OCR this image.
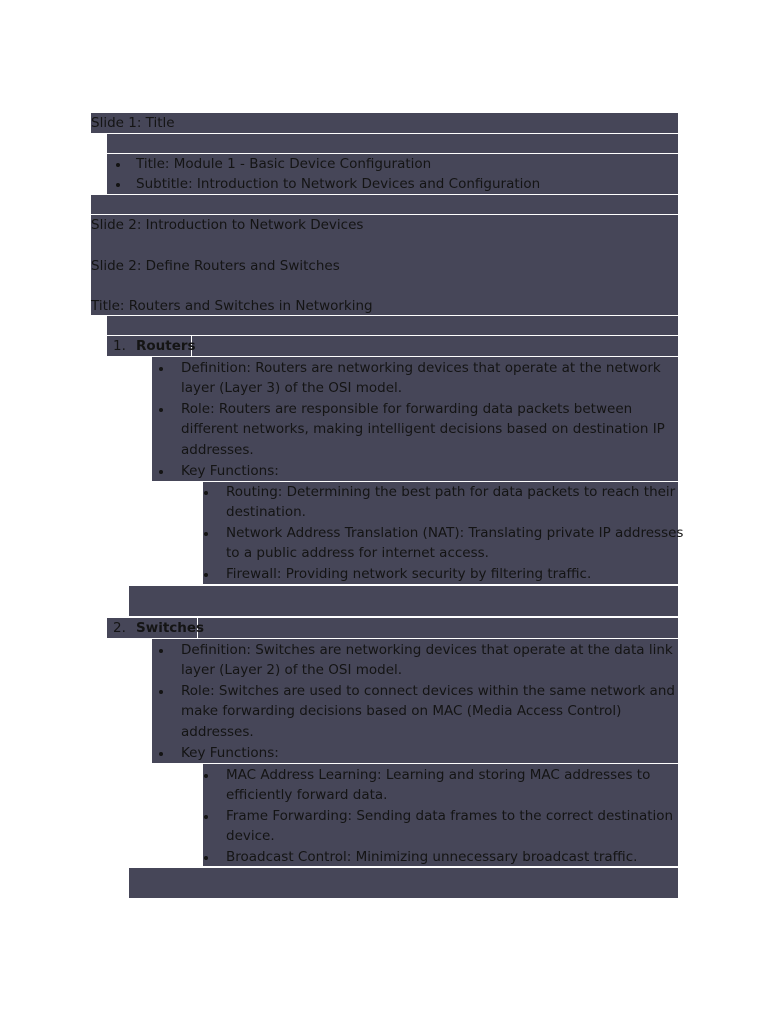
Slide 1: Title
Title: Module 1 - Basic Device Configuration
Subtitle: Introduction to Network Devices and Configuration
Slide 2: Introduction to Network Devices
Slide 2: Define Routers and Switches
Title: Routers and Switches in Networking
1. Routers
Definition: Routers are networking devices that operate at the network
layer (Layer 3) of the OSI model.
Role: Routers are responsible for forwarding data packets between
different networks, making intelligent decisions based on destination IP
addresses.
Key Functions:
Routing: Determining the best path for data packets to reach their
destination.
Network Address Translation (NAT): Translating private IP addresses
to a public address for internet access.
Firewall: Providing network security by filtering traffic.
2. Switches
Definition: Switches are networking devices that operate at the data link
layer (Layer 2) of the OSI model.
Role: Switches are used to connect devices within the same network and
make forwarding decisions based on MAC (Media Access Control)
addresses.
Key Functions:
MAC Address Learning: Learning and storing MAC addresses to
efficiently forward data.
Frame Forwarding: Sending data frames to the correct destination
device.
Broadcast Control: Minimizing unnecessary broadcast traffic.
